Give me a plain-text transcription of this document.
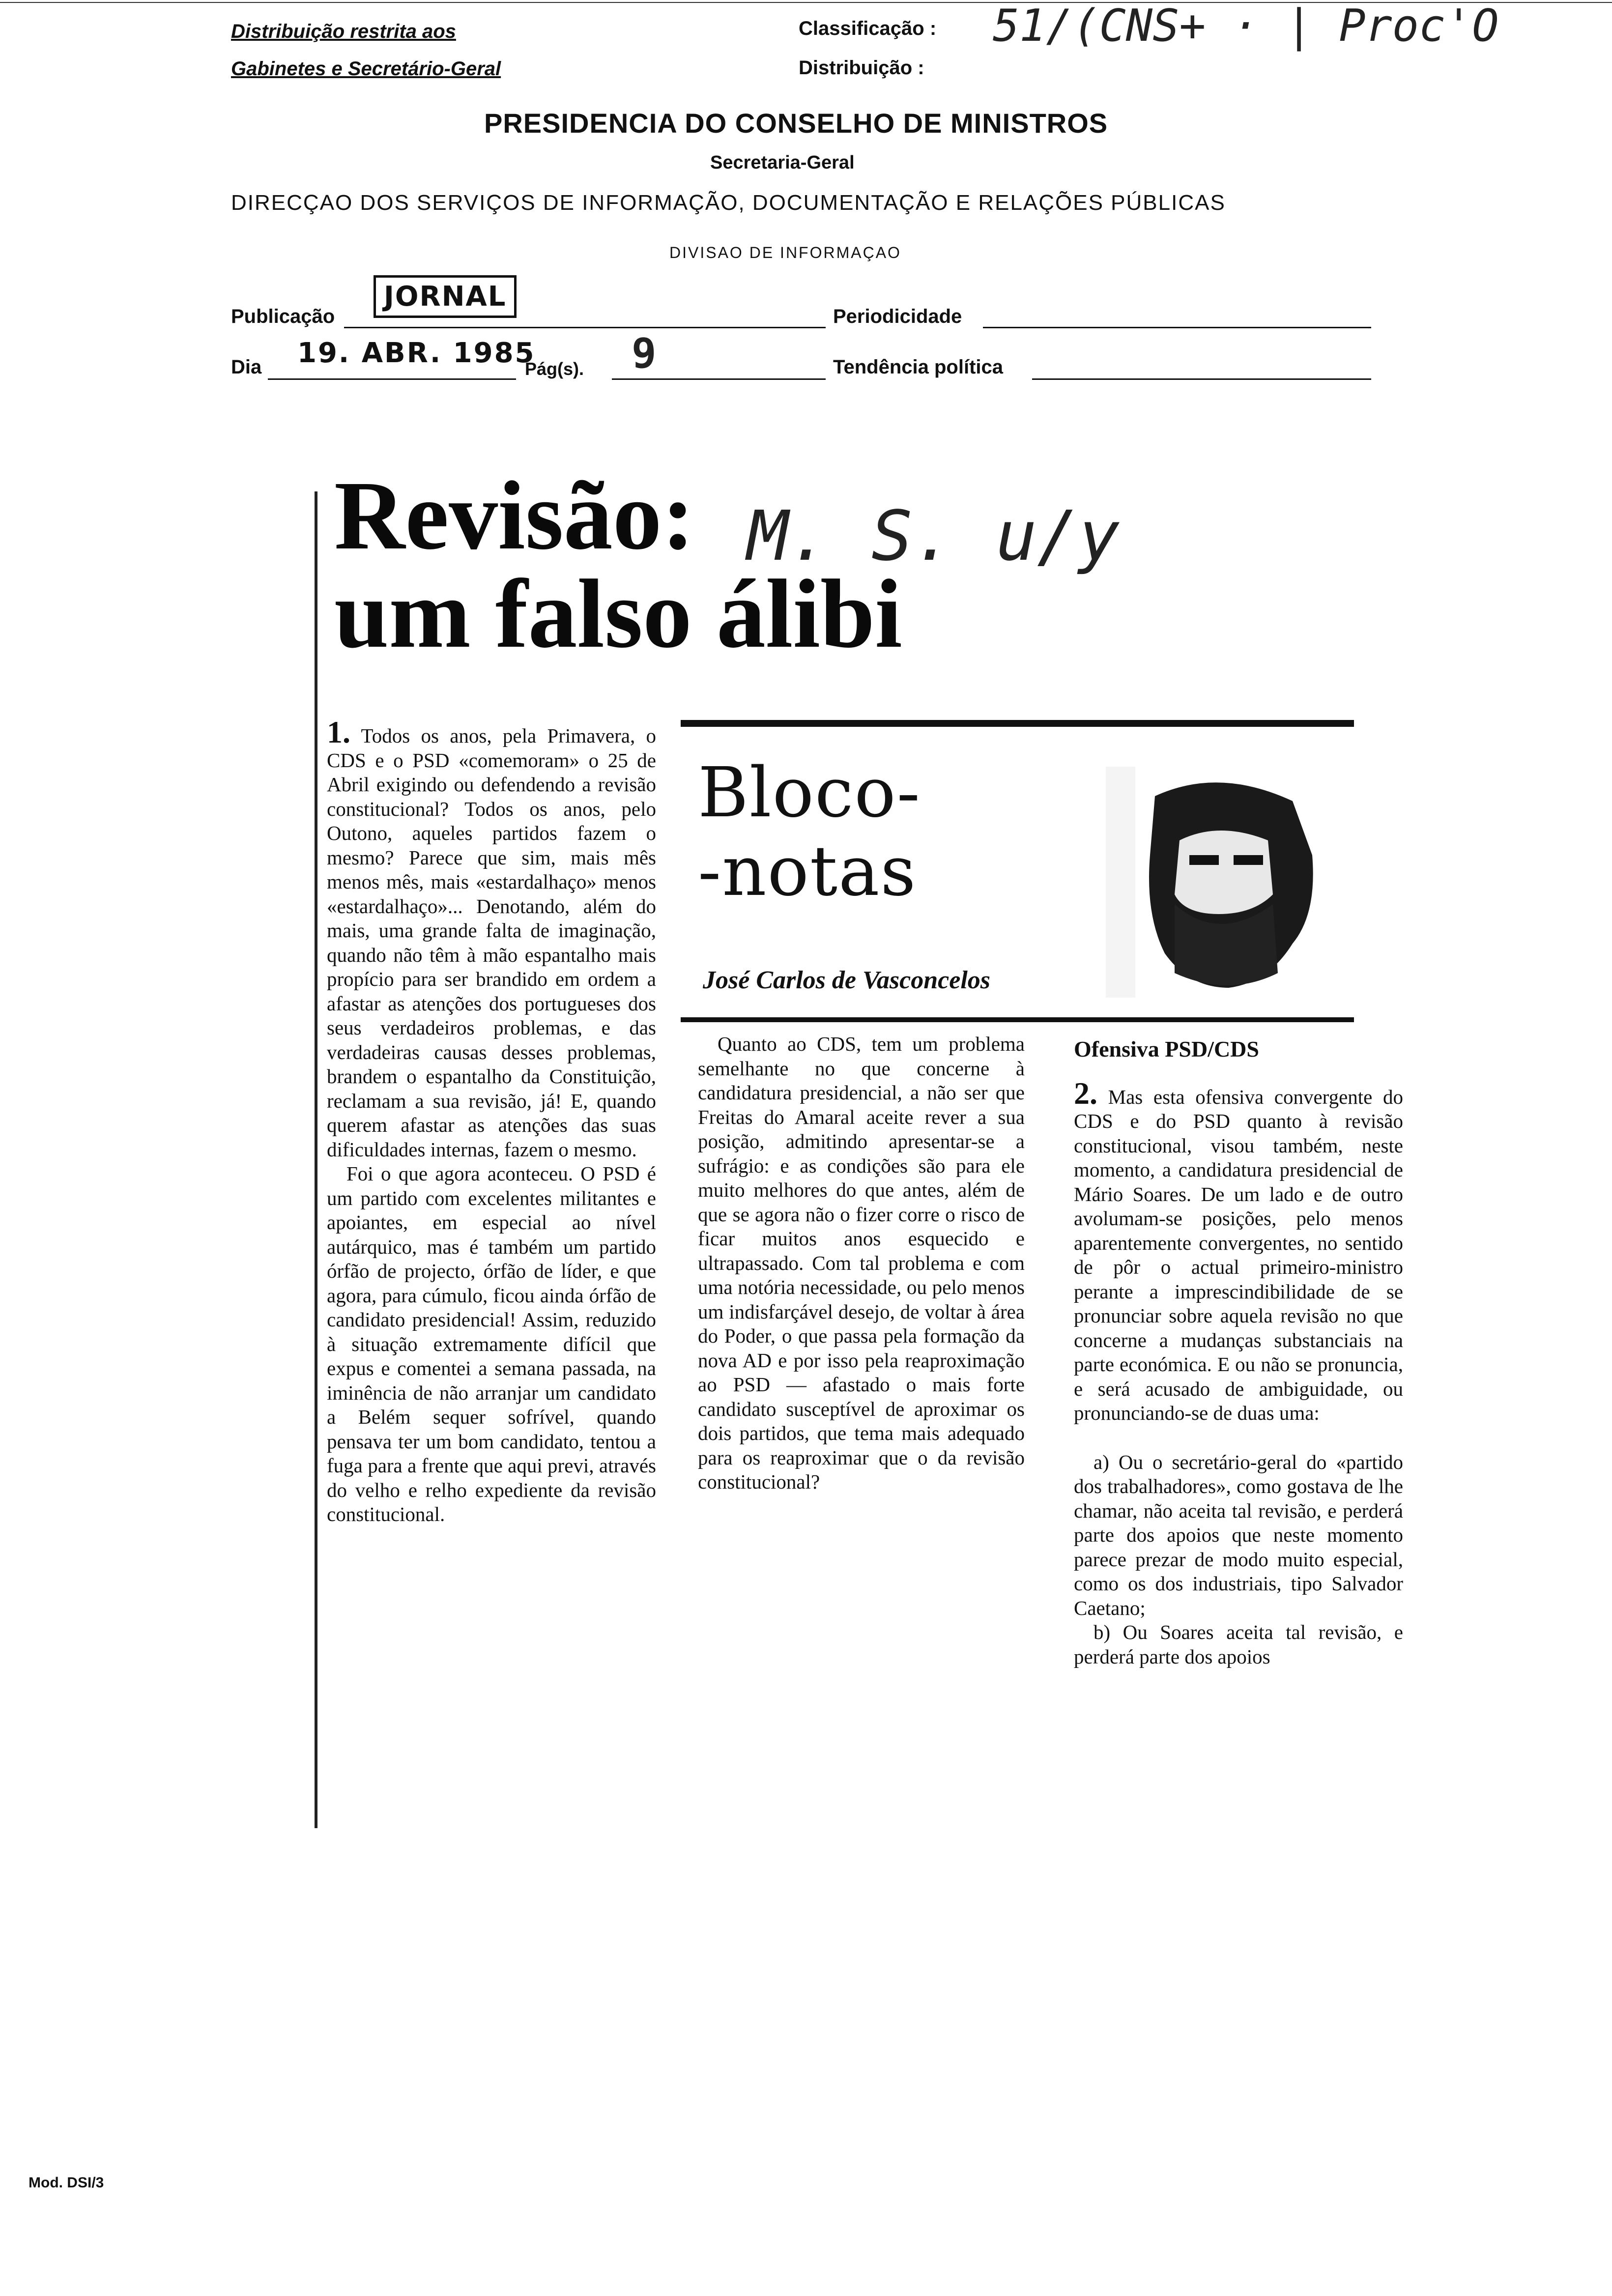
Distribuição restrita aos
Gabinetes e Secretário-Geral
Classificação :
Distribuição :
51/(CNS+ · | Proc'O
PRESIDENCIA DO CONSELHO DE MINISTROS
Secretaria-Geral
DIRECÇAO DOS SERVIÇOS DE INFORMAÇÃO, DOCUMENTAÇÃO E RELAÇÕES PÚBLICAS
DIVISAO DE INFORMAÇAO
Publicação
JORNAL
Periodicidade
Dia 19. ABR. 1985
Pág(s). 9	Tendência política
Revisão:
um falso álibi
M. S. u/y

1. Todos os anos, pela Primavera, o CDS e o PSD «comemoram» o 25 de Abril exigindo ou defendendo a revisão constitucional? Todos os anos, pelo Outono, aqueles partidos fazem o mesmo? Parece que sim, mais mês menos mês, mais «estardalhaço» menos «estardalhaço»... Denotando, além do mais, uma grande falta de imaginação, quando não têm à mão espantalho mais propício para ser brandido em ordem a afastar as atenções dos portugueses dos seus verdadeiros problemas, e das verdadeiras causas desses problemas, brandem o espantalho da Constituição, reclamam a sua revisão, já! E, quando querem afastar as atenções das suas dificuldades internas, fazem o mesmo.

Foi o que agora aconteceu. O PSD é um partido com excelentes militantes e apoiantes, em especial ao nível autárquico, mas é também um partido órfão de projecto, órfão de líder, e que agora, para cúmulo, ficou ainda órfão de candidato presidencial! Assim, reduzido à situação extremamente difícil que expus e comentei a semana passada, na iminência de não arranjar um candidato a Belém sequer sofrível, quando pensava ter um bom candidato, tentou a fuga para a frente que aqui previ, através do velho e relho expediente da revisão constitucional.

Bloco-
-notas
José Carlos de Vasconcelos

Quanto ao CDS, tem um problema semelhante no que concerne à candidatura presidencial, a não ser que Freitas do Amaral aceite rever a sua posição, admitindo apresentar-se a sufrágio: e as condições são para ele muito melhores do que antes, além de que se agora não o fizer corre o risco de ficar muitos anos esquecido e ultrapassado. Com tal problema e com uma notória necessidade, ou pelo menos um indisfarçável desejo, de voltar à área do Poder, o que passa pela formação da nova AD e por isso pela reaproximação ao PSD — afastado o mais forte candidato susceptível de aproximar os dois partidos, que tema mais adequado para os reaproximar que o da revisão constitucional?

Ofensiva PSD/CDS

2. Mas esta ofensiva convergente do CDS e do PSD quanto à revisão constitucional, visou também, neste momento, a candidatura presidencial de Mário Soares. De um lado e de outro avolumam-se posições, pelo menos aparentemente convergentes, no sentido de pôr o actual primeiro-ministro perante a imprescindibilidade de se pronunciar sobre aquela revisão no que concerne a mudanças substanciais na parte económica. E ou não se pronuncia, e será acusado de ambiguidade, ou pronunciando-se de duas uma:

a) Ou o secretário-geral do «partido dos trabalhadores», como gostava de lhe chamar, não aceita tal revisão, e perderá parte dos apoios que neste momento parece prezar de modo muito especial, como os dos industriais, tipo Salvador Caetano;

b) Ou Soares aceita tal revisão, e perderá parte dos apoios

Mod. DSI/3
